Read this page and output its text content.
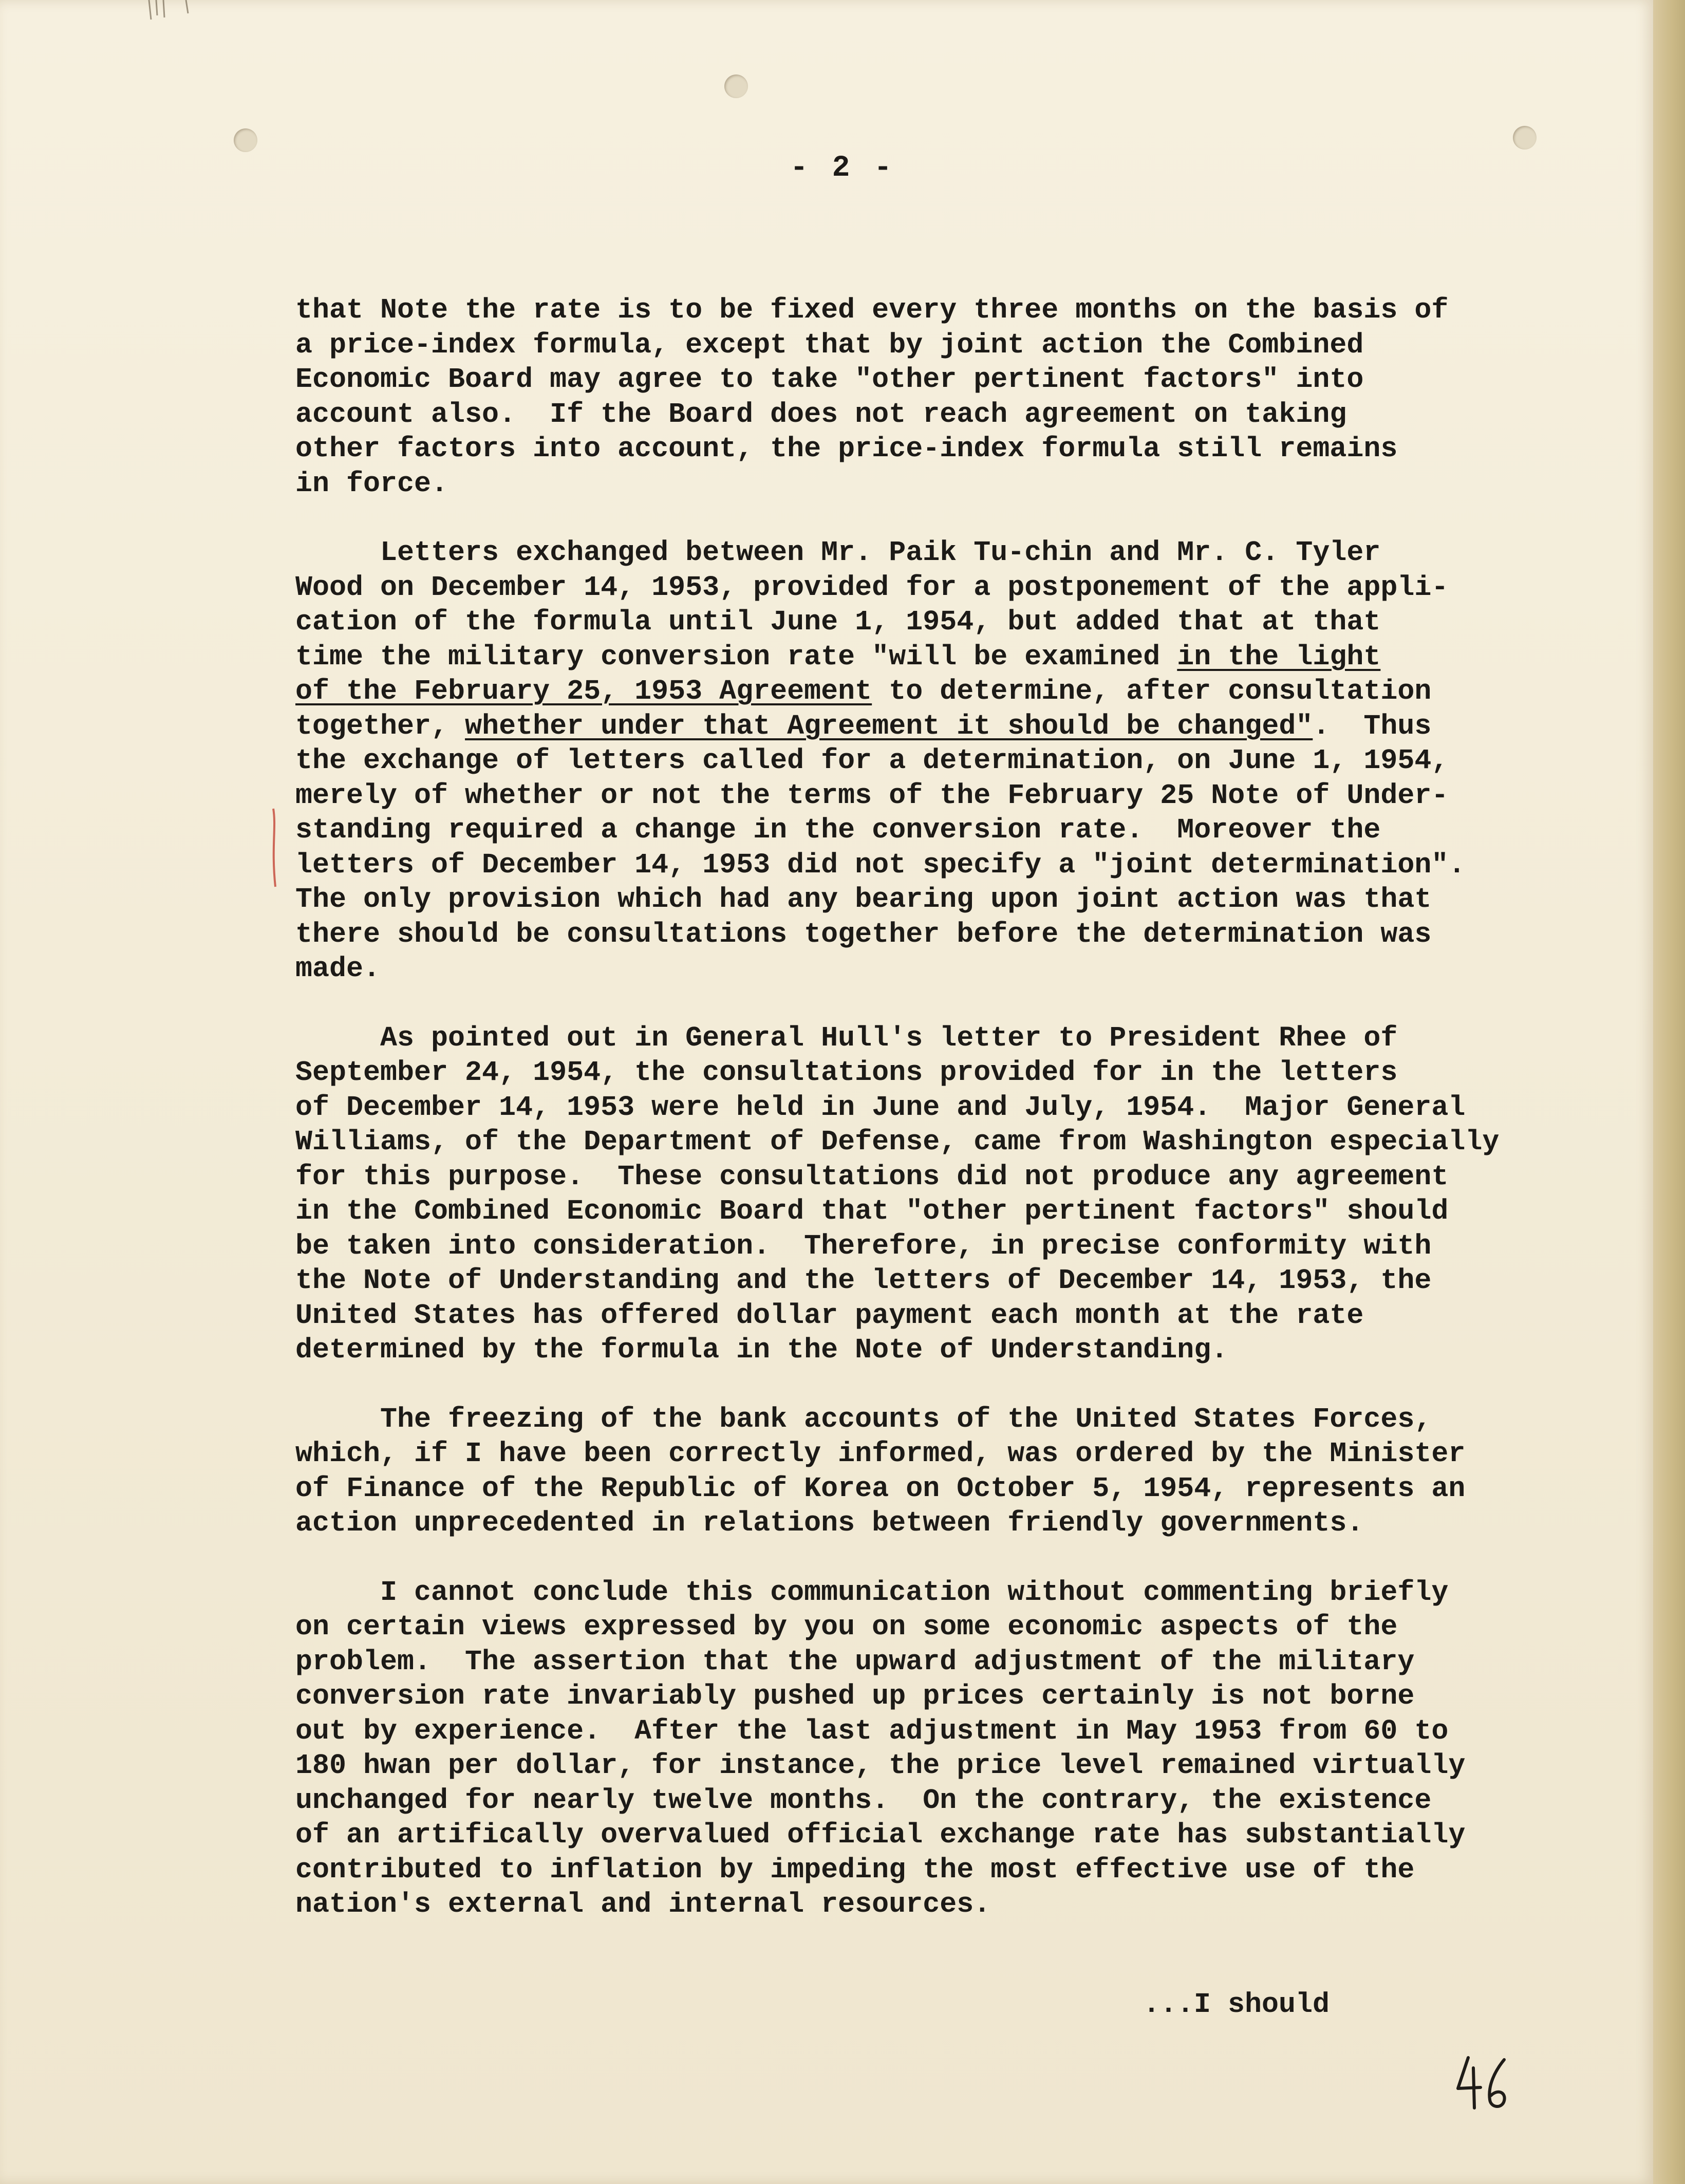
- 2 -
that Note the rate is to be fixed every three months on the basis of
a price-index formula, except that by joint action the Combined
Economic Board may agree to take "other pertinent factors" into
account also.  If the Board does not reach agreement on taking
other factors into account, the price-index formula still remains
in force.
Letters exchanged between Mr. Paik Tu-chin and Mr. C. Tyler
Wood on December 14, 1953, provided for a postponement of the appli-
cation of the formula until June 1, 1954, but added that at that
time the military conversion rate "will be examined in the light
of the February 25, 1953 Agreement to determine, after consultation
together, whether under that Agreement it should be changed".  Thus
the exchange of letters called for a determination, on June 1, 1954,
merely of whether or not the terms of the February 25 Note of Under-
standing required a change in the conversion rate.  Moreover the
letters of December 14, 1953 did not specify a "joint determination".
The only provision which had any bearing upon joint action was that
there should be consultations together before the determination was
made.
As pointed out in General Hull's letter to President Rhee of
September 24, 1954, the consultations provided for in the letters
of December 14, 1953 were held in June and July, 1954.  Major General
Williams, of the Department of Defense, came from Washington especially
for this purpose.  These consultations did not produce any agreement
in the Combined Economic Board that "other pertinent factors" should
be taken into consideration.  Therefore, in precise conformity with
the Note of Understanding and the letters of December 14, 1953, the
United States has offered dollar payment each month at the rate
determined by the formula in the Note of Understanding.
The freezing of the bank accounts of the United States Forces,
which, if I have been correctly informed, was ordered by the Minister
of Finance of the Republic of Korea on October 5, 1954, represents an
action unprecedented in relations between friendly governments.
I cannot conclude this communication without commenting briefly
on certain views expressed by you on some economic aspects of the
problem.  The assertion that the upward adjustment of the military
conversion rate invariably pushed up prices certainly is not borne
out by experience.  After the last adjustment in May 1953 from 60 to
180 hwan per dollar, for instance, the price level remained virtually
unchanged for nearly twelve months.  On the contrary, the existence
of an artifically overvalued official exchange rate has substantially
contributed to inflation by impeding the most effective use of the
nation's external and internal resources.
...I should
